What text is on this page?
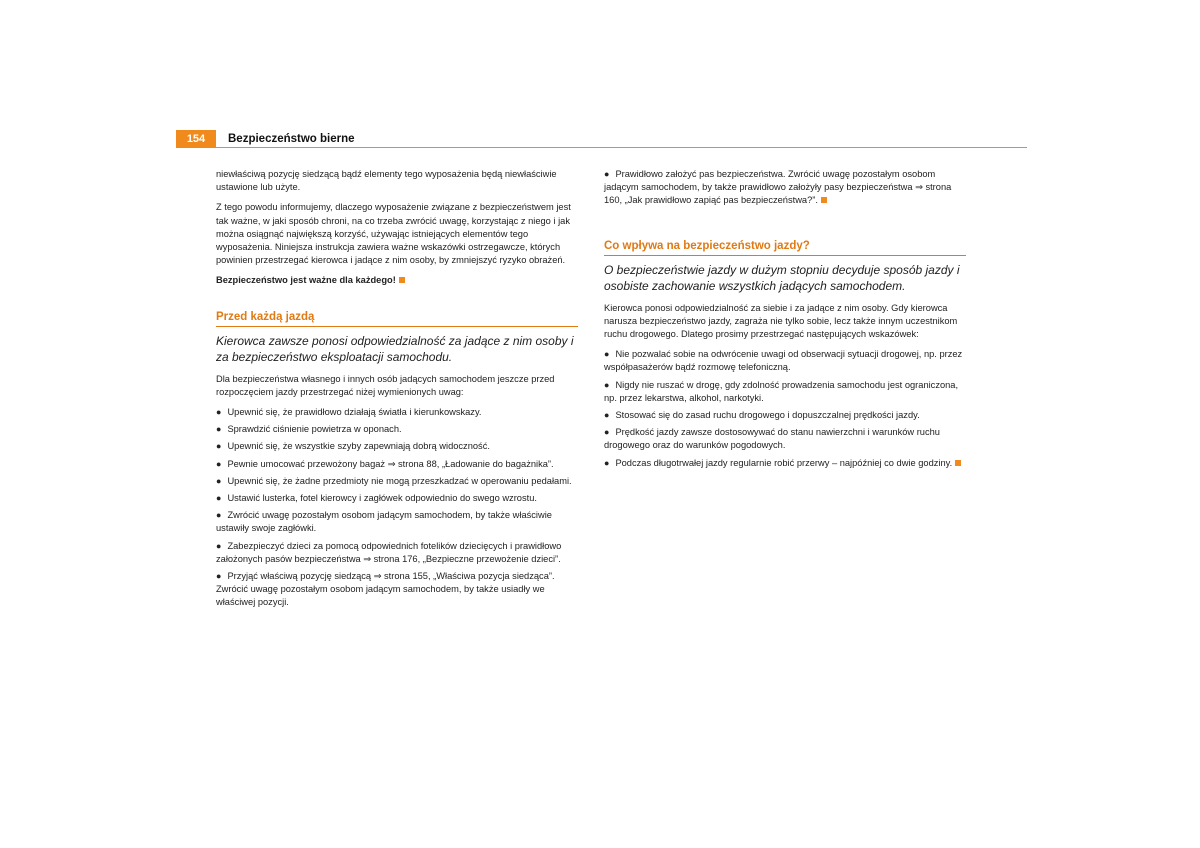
154	Bezpieczeństwo bierne

niewłaściwą pozycję siedzącą bądź elementy tego wyposażenia będą niewłaściwie ustawione lub użyte.

Z tego powodu informujemy, dlaczego wyposażenie związane z bezpieczeństwem jest tak ważne, w jaki sposób chroni, na co trzeba zwrócić uwagę, korzystając z niego i jak można osiągnąć największą korzyść, używając istniejących elementów tego wyposażenia. Niniejsza instrukcja zawiera ważne wskazówki ostrzegawcze, których powinien przestrzegać kierowca i jadące z nim osoby, by zmniejszyć ryzyko obrażeń.

Bezpieczeństwo jest ważne dla każdego!

Przed każdą jazdą
Kierowca zawsze ponosi odpowiedzialność za jadące z nim osoby i za bezpieczeństwo eksploatacji samochodu.

Dla bezpieczeństwa własnego i innych osób jadących samochodem jeszcze przed rozpoczęciem jazdy przestrzegać niżej wymienionych uwag:

● Upewnić się, że prawidłowo działają światła i kierunkowskazy.
● Sprawdzić ciśnienie powietrza w oponach.
● Upewnić się, że wszystkie szyby zapewniają dobrą widoczność.
● Pewnie umocować przewożony bagaż ⇒ strona 88, „Ładowanie do bagażnika”.
● Upewnić się, że żadne przedmioty nie mogą przeszkadzać w operowaniu pedałami.
● Ustawić lusterka, fotel kierowcy i zagłówek odpowiednio do swego wzrostu.
● Zwrócić uwagę pozostałym osobom jadącym samochodem, by także właściwie ustawiły swoje zagłówki.
● Zabezpieczyć dzieci za pomocą odpowiednich fotelików dziecięcych i prawidłowo założonych pasów bezpieczeństwa ⇒ strona 176, „Bezpieczne przewożenie dzieci”.
● Przyjąć właściwą pozycję siedzącą ⇒ strona 155, „Właściwa pozycja siedząca”. Zwrócić uwagę pozostałym osobom jadącym samochodem, by także usiadły we właściwej pozycji.
● Prawidłowo założyć pas bezpieczeństwa. Zwrócić uwagę pozostałym osobom jadącym samochodem, by także prawidłowo założyły pasy bezpieczeństwa ⇒ strona 160, „Jak prawidłowo zapiąć pas bezpieczeństwa?”.
Co wpływa na bezpieczeństwo jazdy?
O bezpieczeństwie jazdy w dużym stopniu decyduje sposób jazdy i osobiste zachowanie wszystkich jadących samochodem.

Kierowca ponosi odpowiedzialność za siebie i za jadące z nim osoby. Gdy kierowca narusza bezpieczeństwo jazdy, zagraża nie tylko sobie, lecz także innym uczestnikom ruchu drogowego. Dlatego prosimy przestrzegać następujących wskazówek:

● Nie pozwalać sobie na odwrócenie uwagi od obserwacji sytuacji drogowej, np. przez współpasażerów bądź rozmowę telefoniczną.
● Nigdy nie ruszać w drogę, gdy zdolność prowadzenia samochodu jest ograniczona, np. przez lekarstwa, alkohol, narkotyki.
● Stosować się do zasad ruchu drogowego i dopuszczalnej prędkości jazdy.
● Prędkość jazdy zawsze dostosowywać do stanu nawierzchni i warunków ruchu drogowego oraz do warunków pogodowych.
● Podczas długotrwałej jazdy regularnie robić przerwy – najpóźniej co dwie godziny.
